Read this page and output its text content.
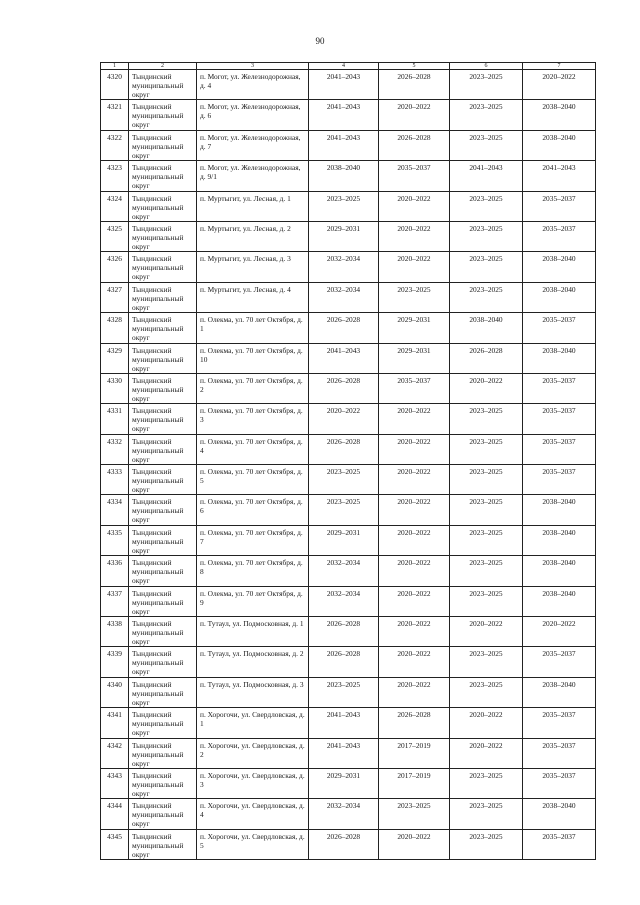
90
1	2	3	4	5	6	7
4320	Тындинский муниципальный округ	п. Могот, ул. Железнодорожная, д. 4	2041–2043	2026–2028	2023–2025	2020–2022
4321	Тындинский муниципальный округ	п. Могот, ул. Железнодорожная, д. 6	2041–2043	2020–2022	2023–2025	2038–2040
4322	Тындинский муниципальный округ	п. Могот, ул. Железнодорожная, д. 7	2041–2043	2026–2028	2023–2025	2038–2040
4323	Тындинский муниципальный округ	п. Могот, ул. Железнодорожная, д. 9/1	2038–2040	2035–2037	2041–2043	2041–2043
4324	Тындинский муниципальный округ	п. Муртыгит, ул. Лесная, д. 1	2023–2025	2020–2022	2023–2025	2035–2037
4325	Тындинский муниципальный округ	п. Муртыгит, ул. Лесная, д. 2	2029–2031	2020–2022	2023–2025	2035–2037
4326	Тындинский муниципальный округ	п. Муртыгит, ул. Лесная, д. 3	2032–2034	2020–2022	2023–2025	2038–2040
4327	Тындинский муниципальный округ	п. Муртыгит, ул. Лесная, д. 4	2032–2034	2023–2025	2023–2025	2038–2040
4328	Тындинский муниципальный округ	п. Олекма, ул. 70 лет Октября, д. 1	2026–2028	2029–2031	2038–2040	2035–2037
4329	Тындинский муниципальный округ	п. Олекма, ул. 70 лет Октября, д. 10	2041–2043	2029–2031	2026–2028	2038–2040
4330	Тындинский муниципальный округ	п. Олекма, ул. 70 лет Октября, д. 2	2026–2028	2035–2037	2020–2022	2035–2037
4331	Тындинский муниципальный округ	п. Олекма, ул. 70 лет Октября, д. 3	2020–2022	2020–2022	2023–2025	2035–2037
4332	Тындинский муниципальный округ	п. Олекма, ул. 70 лет Октября, д. 4	2026–2028	2020–2022	2023–2025	2035–2037
4333	Тындинский муниципальный округ	п. Олекма, ул. 70 лет Октября, д. 5	2023–2025	2020–2022	2023–2025	2035–2037
4334	Тындинский муниципальный округ	п. Олекма, ул. 70 лет Октября, д. 6	2023–2025	2020–2022	2023–2025	2038–2040
4335	Тындинский муниципальный округ	п. Олекма, ул. 70 лет Октября, д. 7	2029–2031	2020–2022	2023–2025	2038–2040
4336	Тындинский муниципальный округ	п. Олекма, ул. 70 лет Октября, д. 8	2032–2034	2020–2022	2023–2025	2038–2040
4337	Тындинский муниципальный округ	п. Олекма, ул. 70 лет Октября, д. 9	2032–2034	2020–2022	2023–2025	2038–2040
4338	Тындинский муниципальный округ	п. Тутаул, ул. Подмосковная, д. 1	2026–2028	2020–2022	2020–2022	2020–2022
4339	Тындинский муниципальный округ	п. Тутаул, ул. Подмосковная, д. 2	2026–2028	2020–2022	2023–2025	2035–2037
4340	Тындинский муниципальный округ	п. Тутаул, ул. Подмосковная, д. 3	2023–2025	2020–2022	2023–2025	2038–2040
4341	Тындинский муниципальный округ	п. Хорогочи, ул. Свердловская, д. 1	2041–2043	2026–2028	2020–2022	2035–2037
4342	Тындинский муниципальный округ	п. Хорогочи, ул. Свердловская, д. 2	2041–2043	2017–2019	2020–2022	2035–2037
4343	Тындинский муниципальный округ	п. Хорогочи, ул. Свердловская, д. 3	2029–2031	2017–2019	2023–2025	2035–2037
4344	Тындинский муниципальный округ	п. Хорогочи, ул. Свердловская, д. 4	2032–2034	2023–2025	2023–2025	2038–2040
4345	Тындинский муниципальный округ	п. Хорогочи, ул. Свердловская, д. 5	2026–2028	2020–2022	2023–2025	2035–2037
